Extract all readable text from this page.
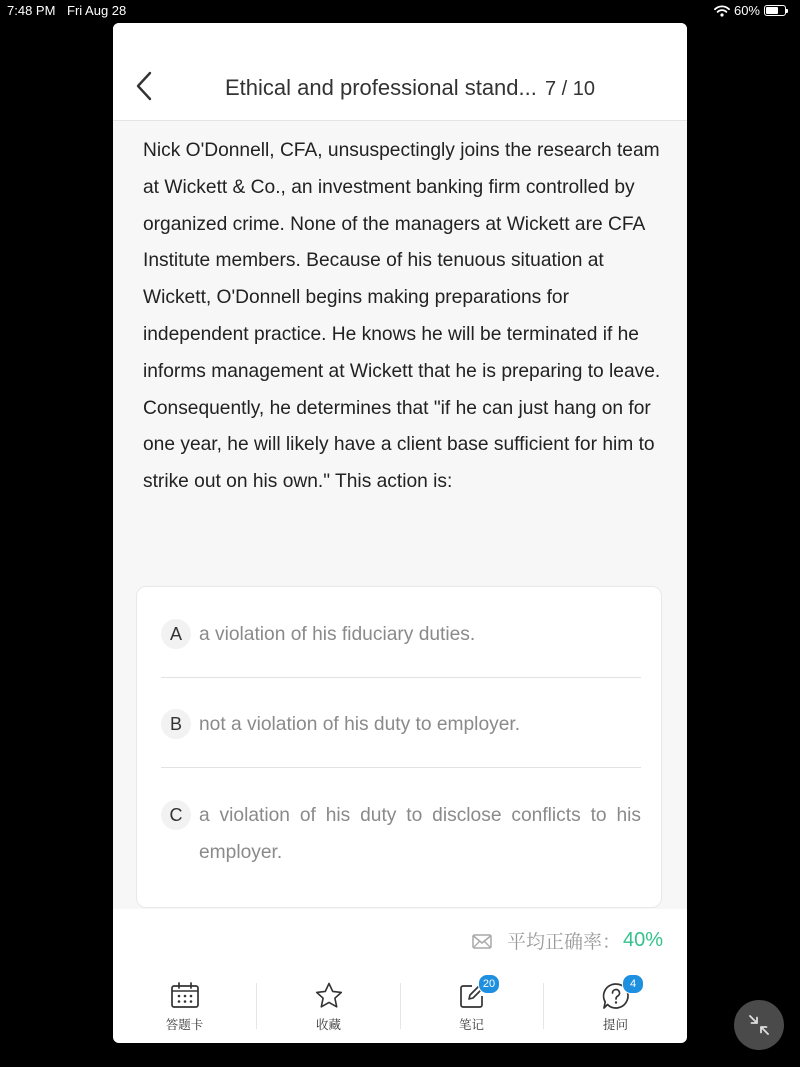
7:48 PM Fri Aug 28	60%
Ethical and professional stand... 7 / 10

Nick O'Donnell, CFA, unsuspectingly joins the research team at Wickett & Co., an investment banking firm controlled by organized crime. None of the managers at Wickett are CFA Institute members. Because of his tenuous situation at Wickett, O'Donnell begins making preparations for independent practice. He knows he will be terminated if he informs management at Wickett that he is preparing to leave. Consequently, he determines that "if he can just hang on for one year, he will likely have a client base sufficient for him to strike out on his own." This action is:

A a violation of his ﬁduciary duties.
B not a violation of his duty to employer.
C a violation of his duty to disclose conflicts to his employer.
平均正确率： 40%
答题卡	收藏
20
笔记
4
提问
